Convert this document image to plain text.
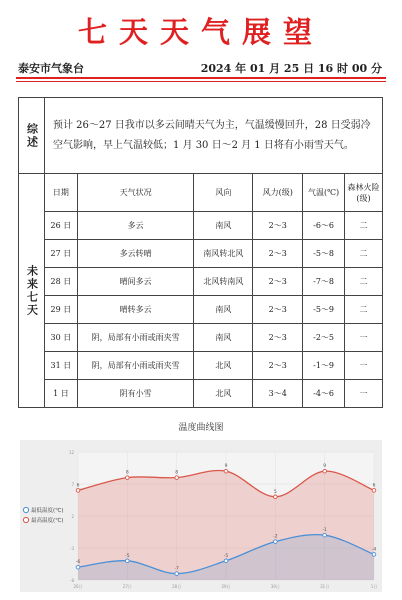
七天天气展望
泰安市气象台	2024 年 01 月 25 日 16 时 00 分
综述	预计 26～27 日我市以多云间晴天气为主，气温缓慢回升，28 日受弱冷空气影响，早上气温较低；1 月 30 日～2 月 1 日将有小雨雪天气。					
未来七天	日期	天气状况	风向	风力(级)	气温(℃)	森林火险(级)
	26 日	多云	南风	2～3	-6～6	二
	27 日	多云转晴	南风转北风	2～3	-5～8	二
	28 日	晴间多云	北风转南风	2～3	-7～8	二
	29 日	晴转多云	南风	2～3	-5～9	二
	30 日	阴，局部有小雨或雨夹雪	南风	2～3	-2～5	一
	31 日	阴，局部有小雨或雨夹雪	北风	2～3	-1～9	一
	1 日	阴有小雪	北风	3～4	-4～6	一
温度曲线图
-8
-3
2
7
12
26日	27日	28日	29日	30日	31日	1日
6
8	8
9
5
9
6
-6
-5
-7
-5
-2
-1
-4
最低温度(℃)
最高温度(℃)
